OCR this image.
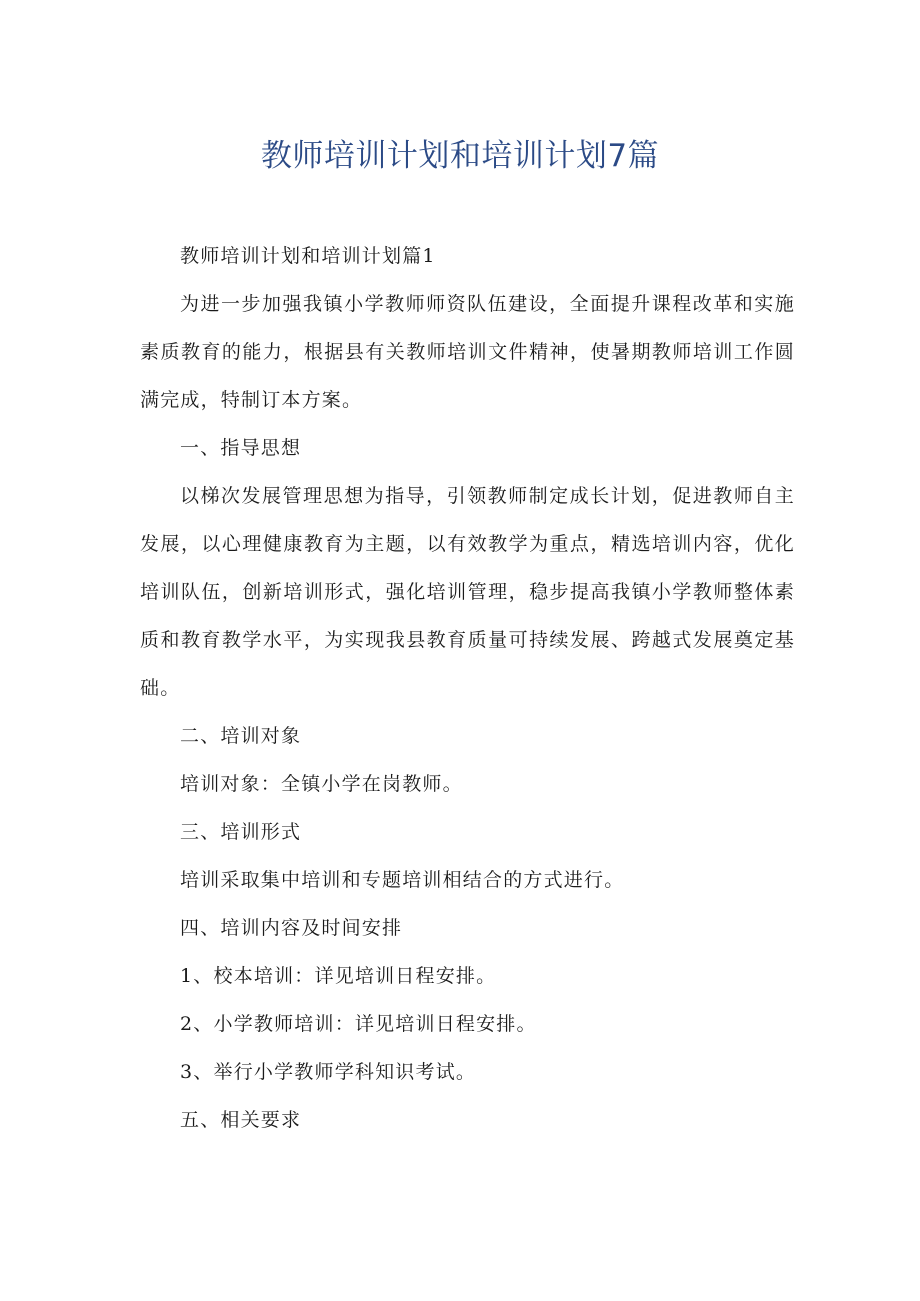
教师培训计划和培训计划7篇
教师培训计划和培训计划篇1
为进一步加强我镇小学教师师资队伍建设，全面提升课程改革和实施
素质教育的能力，根据县有关教师培训文件精神，使暑期教师培训工作圆
满完成，特制订本方案。
一、指导思想
以梯次发展管理思想为指导，引领教师制定成长计划，促进教师自主
发展，以心理健康教育为主题，以有效教学为重点，精选培训内容，优化
培训队伍，创新培训形式，强化培训管理，稳步提高我镇小学教师整体素
质和教育教学水平，为实现我县教育质量可持续发展、跨越式发展奠定基
础。
二、培训对象
培训对象：全镇小学在岗教师。
三、培训形式
培训采取集中培训和专题培训相结合的方式进行。
四、培训内容及时间安排
1、校本培训：详见培训日程安排。
2、小学教师培训：详见培训日程安排。
3、举行小学教师学科知识考试。
五、相关要求
